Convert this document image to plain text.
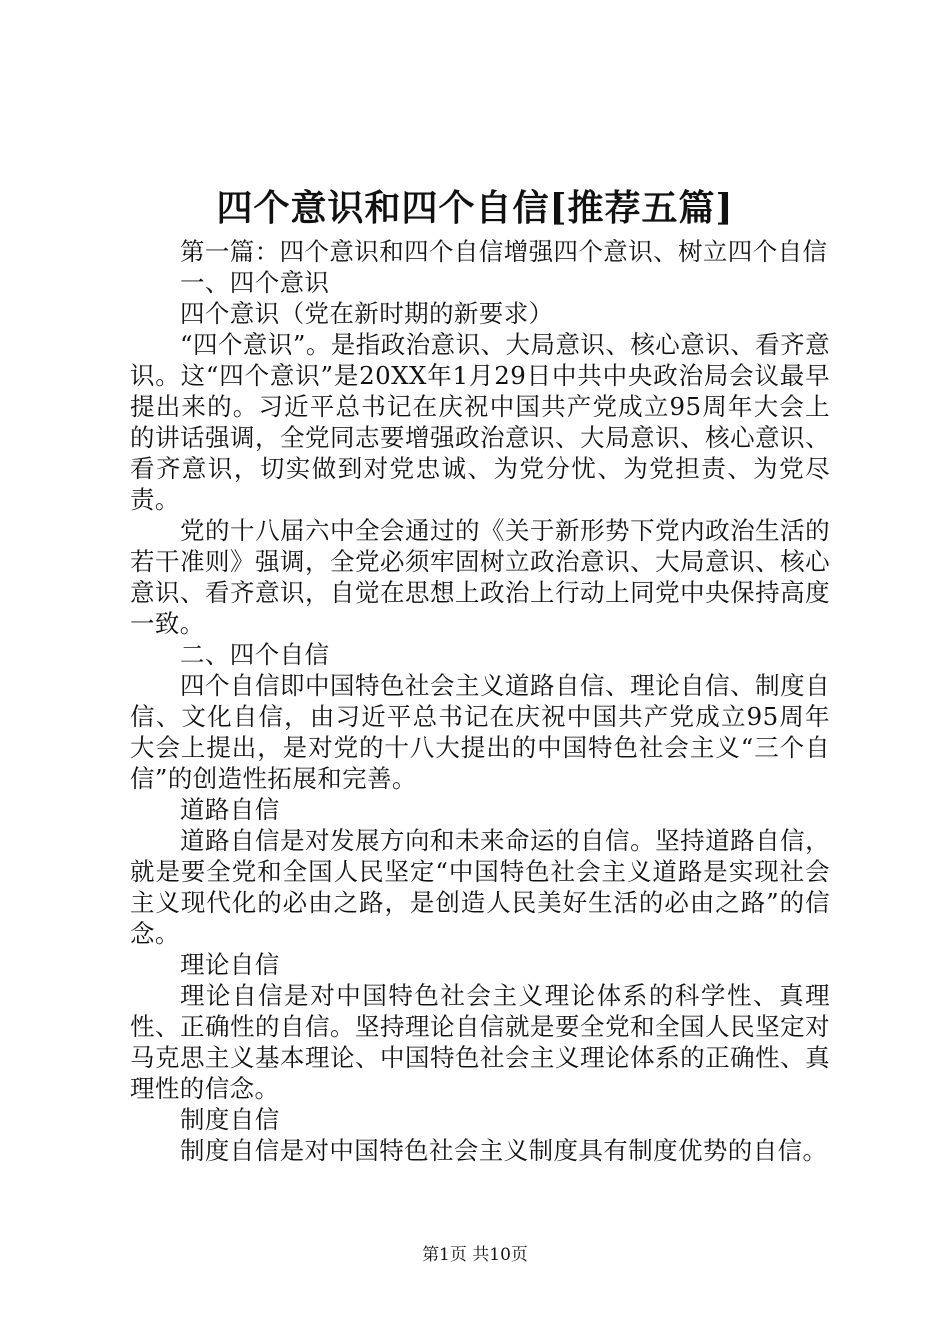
四个意识和四个自信[推荐五篇]

第一篇：四个意识和四个自信增强四个意识、树立四个自信

一、四个意识

四个意识（党在新时期的新要求）

“四个意识”。是指政治意识、大局意识、核心意识、看齐意识。这“四个意识”是20XX年1月29日中共中央政治局会议最早提出来的。习近平总书记在庆祝中国共产党成立95周年大会上的讲话强调，全党同志要增强政治意识、大局意识、核心意识、看齐意识，切实做到对党忠诚、为党分忧、为党担责、为党尽责。

党的十八届六中全会通过的《关于新形势下党内政治生活的若干准则》强调，全党必须牢固树立政治意识、大局意识、核心意识、看齐意识，自觉在思想上政治上行动上同党中央保持高度一致。

二、四个自信

四个自信即中国特色社会主义道路自信、理论自信、制度自信、文化自信，由习近平总书记在庆祝中国共产党成立95周年大会上提出，是对党的十八大提出的中国特色社会主义“三个自信”的创造性拓展和完善。

道路自信

道路自信是对发展方向和未来命运的自信。坚持道路自信，就是要全党和全国人民坚定“中国特色社会主义道路是实现社会主义现代化的必由之路，是创造人民美好生活的必由之路”的信念。

理论自信

理论自信是对中国特色社会主义理论体系的科学性、真理性、正确性的自信。坚持理论自信就是要全党和全国人民坚定对马克思主义基本理论、中国特色社会主义理论体系的正确性、真理性的信念。

制度自信

制度自信是对中国特色社会主义制度具有制度优势的自信。

第1页 共10页
